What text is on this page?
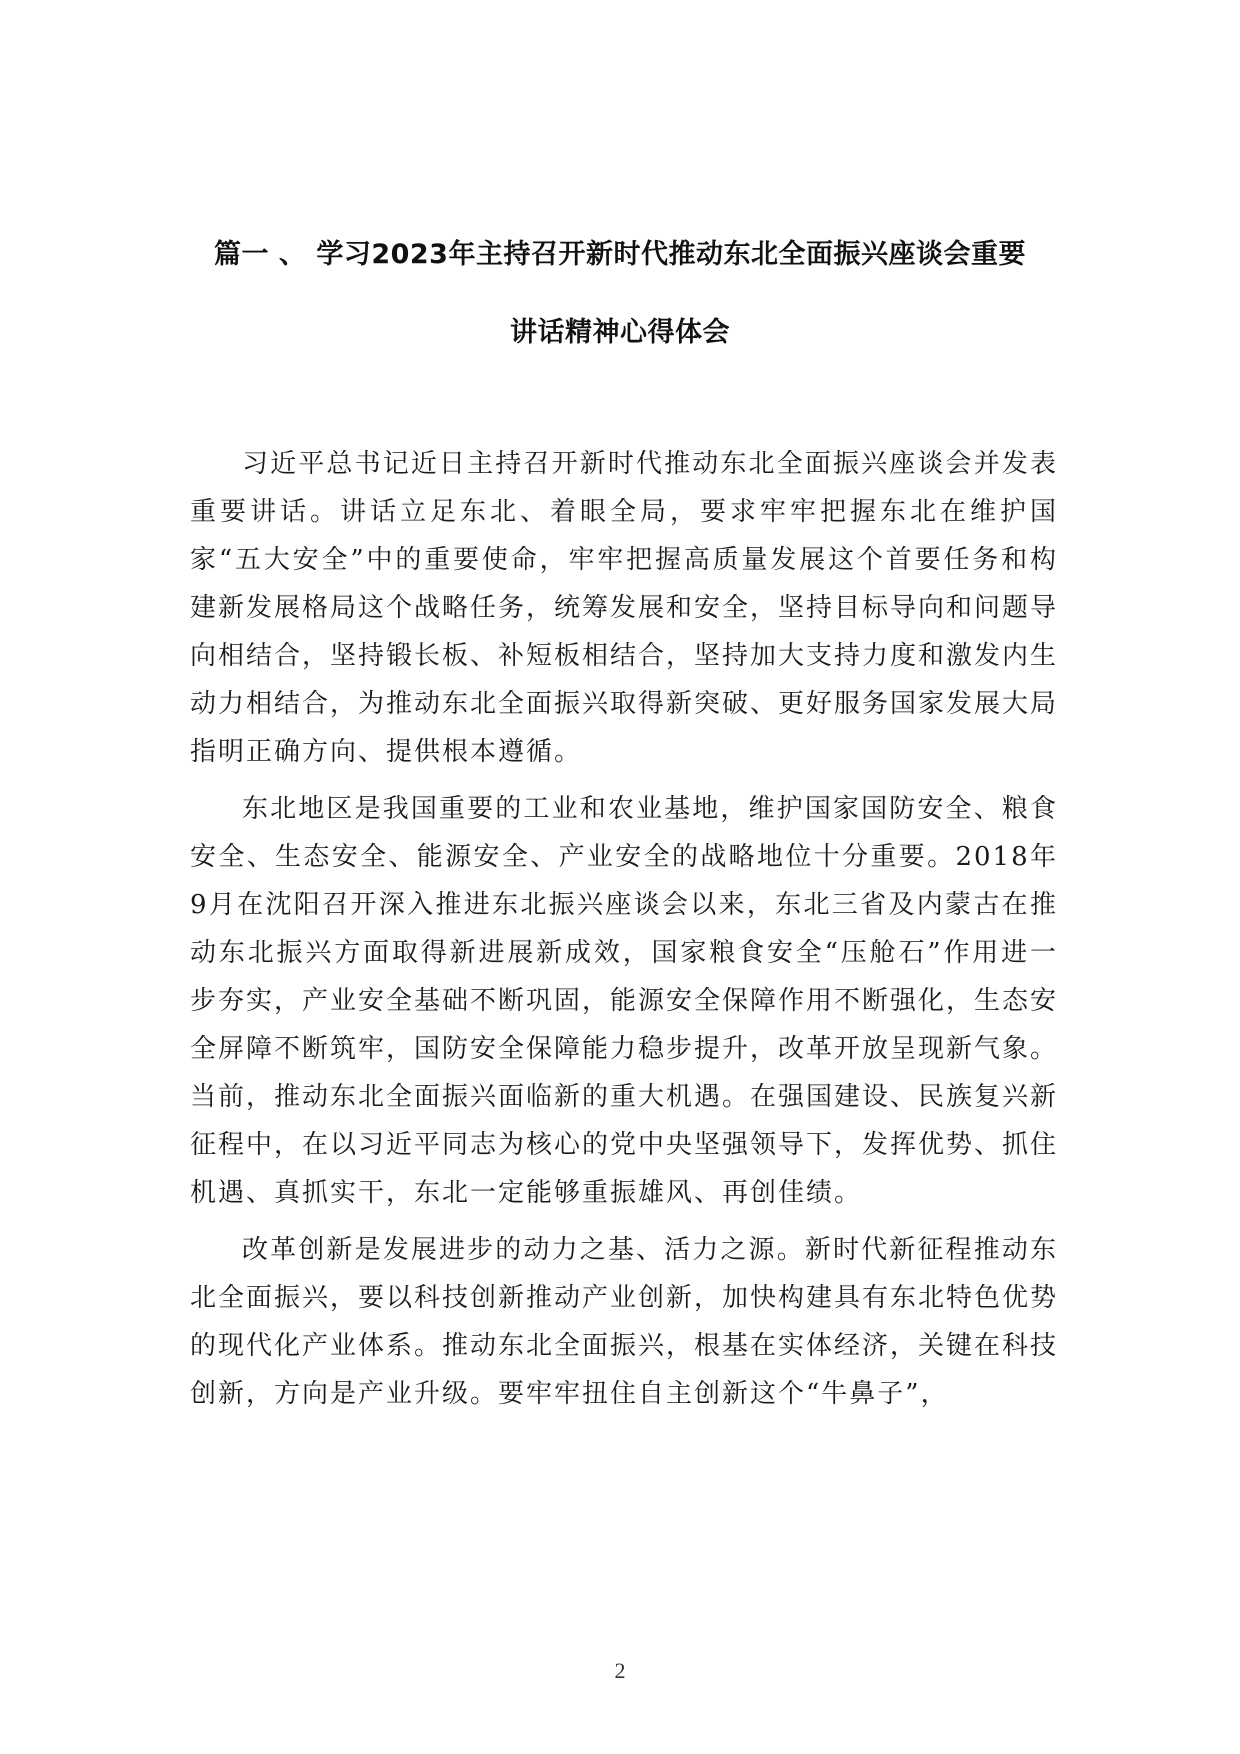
篇一 、 学习2023年主持召开新时代推动东北全面振兴座谈会重要
讲话精神心得体会

习近平总书记近日主持召开新时代推动东北全面振兴座谈会并发表重要讲话。讲话立足东北、着眼全局，要求牢牢把握东北在维护国家“五大安全”中的重要使命，牢牢把握高质量发展这个首要任务和构建新发展格局这个战略任务，统筹发展和安全，坚持目标导向和问题导向相结合，坚持锻长板、补短板相结合，坚持加大支持力度和激发内生动力相结合，为推动东北全面振兴取得新突破、更好服务国家发展大局指明正确方向、提供根本遵循。

东北地区是我国重要的工业和农业基地，维护国家国防安全、粮食安全、生态安全、能源安全、产业安全的战略地位十分重要。2018年9月在沈阳召开深入推进东北振兴座谈会以来，东北三省及内蒙古在推动东北振兴方面取得新进展新成效，国家粮食安全“压舱石”作用进一步夯实，产业安全基础不断巩固，能源安全保障作用不断强化，生态安全屏障不断筑牢，国防安全保障能力稳步提升，改革开放呈现新气象。当前，推动东北全面振兴面临新的重大机遇。在强国建设、民族复兴新征程中，在以习近平同志为核心的党中央坚强领导下，发挥优势、抓住机遇、真抓实干，东北一定能够重振雄风、再创佳绩。

改革创新是发展进步的动力之基、活力之源。新时代新征程推动东北全面振兴，要以科技创新推动产业创新，加快构建具有东北特色优势的现代化产业体系。推动东北全面振兴，根基在实体经济，关键在科技创新，方向是产业升级。要牢牢扭住自主创新这个“牛鼻子”，

2
